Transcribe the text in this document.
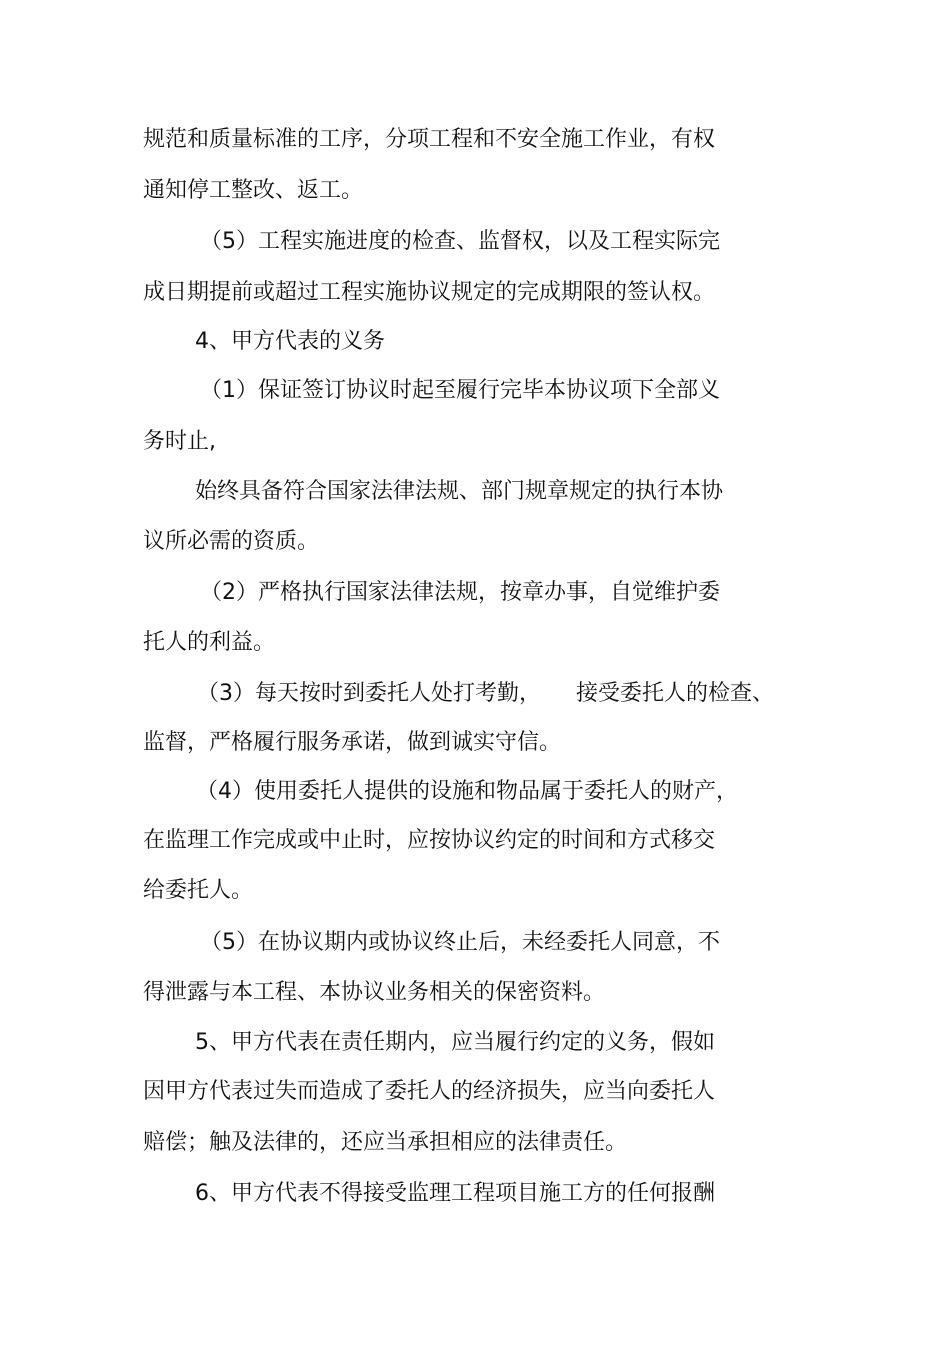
规范和质量标准的工序，分项工程和不安全施工作业，有权
通知停工整改、返工。
（5）工程实施进度的检查、监督权，以及工程实际完
成日期提前或超过工程实施协议规定的完成期限的签认权。
4、甲方代表的义务
（1）保证签订协议时起至履行完毕本协议项下全部义
务时止,
始终具备符合国家法律法规、部门规章规定的执行本协
议所必需的资质。
（2）严格执行国家法律法规，按章办事，自觉维护委
托人的利益。
（3）每天按时到委托人处打考勤， 接受委托人的检查、
监督，严格履行服务承诺，做到诚实守信。
（4）使用委托人提供的设施和物品属于委托人的财产，
在监理工作完成或中止时，应按协议约定的时间和方式移交
给委托人。
（5）在协议期内或协议终止后，未经委托人同意，不
得泄露与本工程、本协议业务相关的保密资料。
5、甲方代表在责任期内，应当履行约定的义务，假如
因甲方代表过失而造成了委托人的经济损失，应当向委托人
赔偿；触及法律的，还应当承担相应的法律责任。
6、甲方代表不得接受监理工程项目施工方的任何报酬
